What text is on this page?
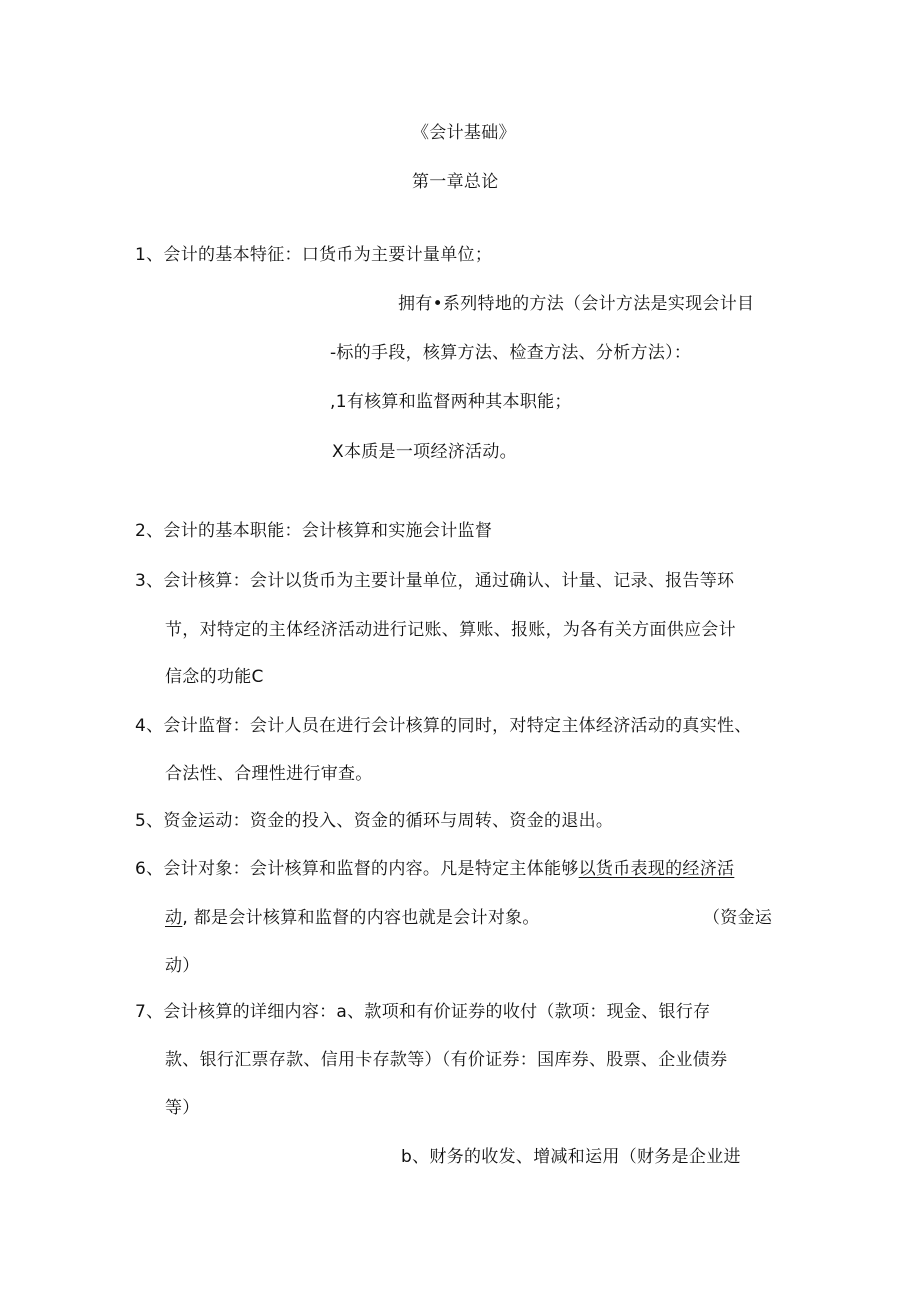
《会计基础》
第一章总论
1、会计的基本特征：口货币为主要计量单位；
拥有•系列特地的方法（会计方法是实现会计目
-标的手段，核算方法、检查方法、分析方法）：
,1有核算和监督两种其本职能；
X本质是一项经济活动。
2、会计的基本职能：会计核算和实施会计监督
3、会计核算：会计以货币为主要计量单位，通过确认、计量、记录、报告等环
节，对特定的主体经济活动进行记账、算账、报账，为各有关方面供应会计
信念的功能C
4、会计监督：会计人员在进行会计核算的同时，对特定主体经济活动的真实性、
合法性、合理性进行审查。
5、资金运动：资金的投入、资金的循环与周转、资金的退出。
6、会计对象：会计核算和监督的内容。凡是特定主体能够以货币表现的经济活
动, 都是会计核算和监督的内容也就是会计对象。	（资金运
动）
7、会计核算的详细内容：a、款项和有价证券的收付（款项：现金、银行存
款、银行汇票存款、信用卡存款等）（有价证券：国库券、股票、企业债券
等）
b、财务的收发、增减和运用（财务是企业进
